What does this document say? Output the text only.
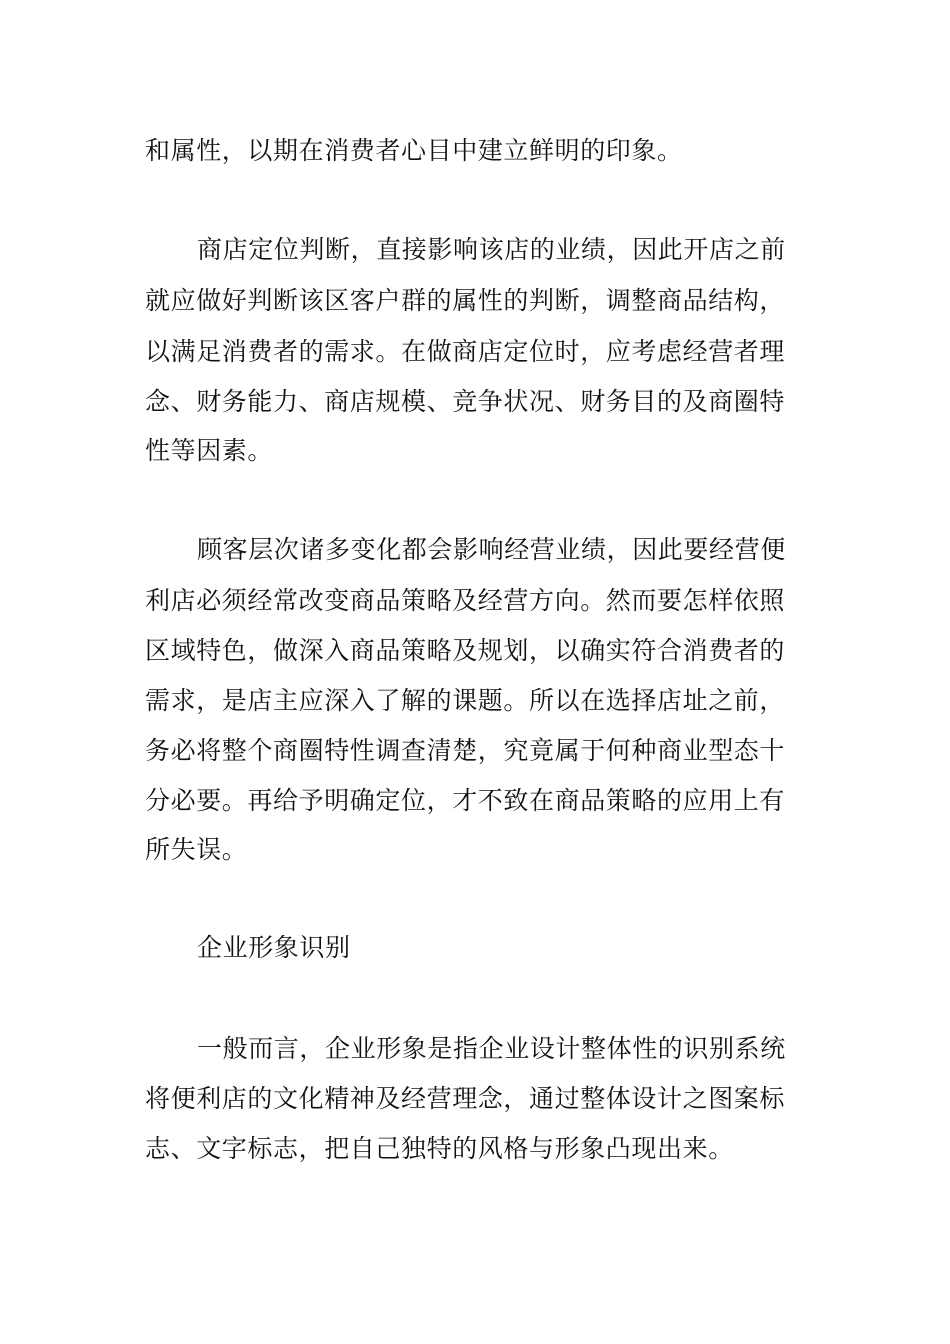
和属性，以期在消费者心目中建立鲜明的印象。

商店定位判断，直接影响该店的业绩，因此开店之前

就应做好判断该区客户群的属性的判断，调整商品结构，

以满足消费者的需求。在做商店定位时，应考虑经营者理

念、财务能力、商店规模、竞争状况、财务目的及商圈特

性等因素。

顾客层次诸多变化都会影响经营业绩，因此要经营便

利店必须经常改变商品策略及经营方向。然而要怎样依照

区域特色，做深入商品策略及规划，以确实符合消费者的

需求，是店主应深入了解的课题。所以在选择店址之前，

务必将整个商圈特性调查清楚，究竟属于何种商业型态十

分必要。再给予明确定位，才不致在商品策略的应用上有

所失误。

企业形象识别

一般而言，企业形象是指企业设计整体性的识别系统

将便利店的文化精神及经营理念，通过整体设计之图案标

志、文字标志，把自己独特的风格与形象凸现出来。
